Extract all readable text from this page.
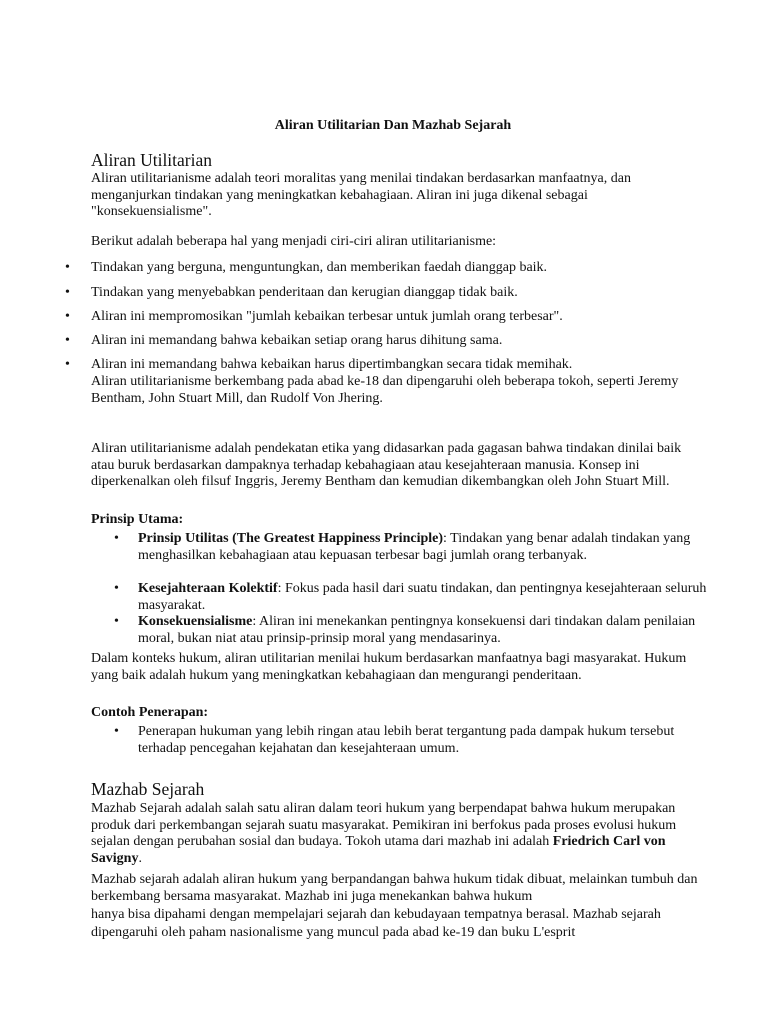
Aliran Utilitarian Dan Mazhab Sejarah

Aliran Utilitarian

Aliran utilitarianisme adalah teori moralitas yang menilai tindakan berdasarkan manfaatnya, dan menganjurkan tindakan yang meningkatkan kebahagiaan. Aliran ini juga dikenal sebagai "konsekuensialisme".

Berikut adalah beberapa hal yang menjadi ciri-ciri aliran utilitarianisme:

• Tindakan yang berguna, menguntungkan, dan memberikan faedah dianggap baik.
• Tindakan yang menyebabkan penderitaan dan kerugian dianggap tidak baik.
• Aliran ini mempromosikan "jumlah kebaikan terbesar untuk jumlah orang terbesar".
• Aliran ini memandang bahwa kebaikan setiap orang harus dihitung sama.
• Aliran ini memandang bahwa kebaikan harus dipertimbangkan secara tidak memihak.

Aliran utilitarianisme berkembang pada abad ke-18 dan dipengaruhi oleh beberapa tokoh, seperti Jeremy Bentham, John Stuart Mill, dan Rudolf Von Jhering.

Aliran utilitarianisme adalah pendekatan etika yang didasarkan pada gagasan bahwa tindakan dinilai baik atau buruk berdasarkan dampaknya terhadap kebahagiaan atau kesejahteraan manusia. Konsep ini diperkenalkan oleh filsuf Inggris, Jeremy Bentham dan kemudian dikembangkan oleh John Stuart Mill.

Prinsip Utama:

• Prinsip Utilitas (The Greatest Happiness Principle): Tindakan yang benar adalah tindakan yang menghasilkan kebahagiaan atau kepuasan terbesar bagi jumlah orang terbanyak.
• Kesejahteraan Kolektif: Fokus pada hasil dari suatu tindakan, dan pentingnya kesejahteraan seluruh masyarakat.
• Konsekuensialisme: Aliran ini menekankan pentingnya konsekuensi dari tindakan dalam penilaian moral, bukan niat atau prinsip-prinsip moral yang mendasarinya.

Dalam konteks hukum, aliran utilitarian menilai hukum berdasarkan manfaatnya bagi masyarakat. Hukum yang baik adalah hukum yang meningkatkan kebahagiaan dan mengurangi penderitaan.

Contoh Penerapan:

• Penerapan hukuman yang lebih ringan atau lebih berat tergantung pada dampak hukum tersebut terhadap pencegahan kejahatan dan kesejahteraan umum.
Mazhab Sejarah

Mazhab Sejarah adalah salah satu aliran dalam teori hukum yang berpendapat bahwa hukum merupakan produk dari perkembangan sejarah suatu masyarakat. Pemikiran ini berfokus pada proses evolusi hukum sejalan dengan perubahan sosial dan budaya. Tokoh utama dari mazhab ini adalah Friedrich Carl von Savigny.

Mazhab sejarah adalah aliran hukum yang berpandangan bahwa hukum tidak dibuat, melainkan tumbuh dan berkembang bersama masyarakat. Mazhab ini juga menekankan bahwa hukum

hanya bisa dipahami dengan mempelajari sejarah dan kebudayaan tempatnya berasal. Mazhab sejarah dipengaruhi oleh paham nasionalisme yang muncul pada abad ke-19 dan buku L'esprit
